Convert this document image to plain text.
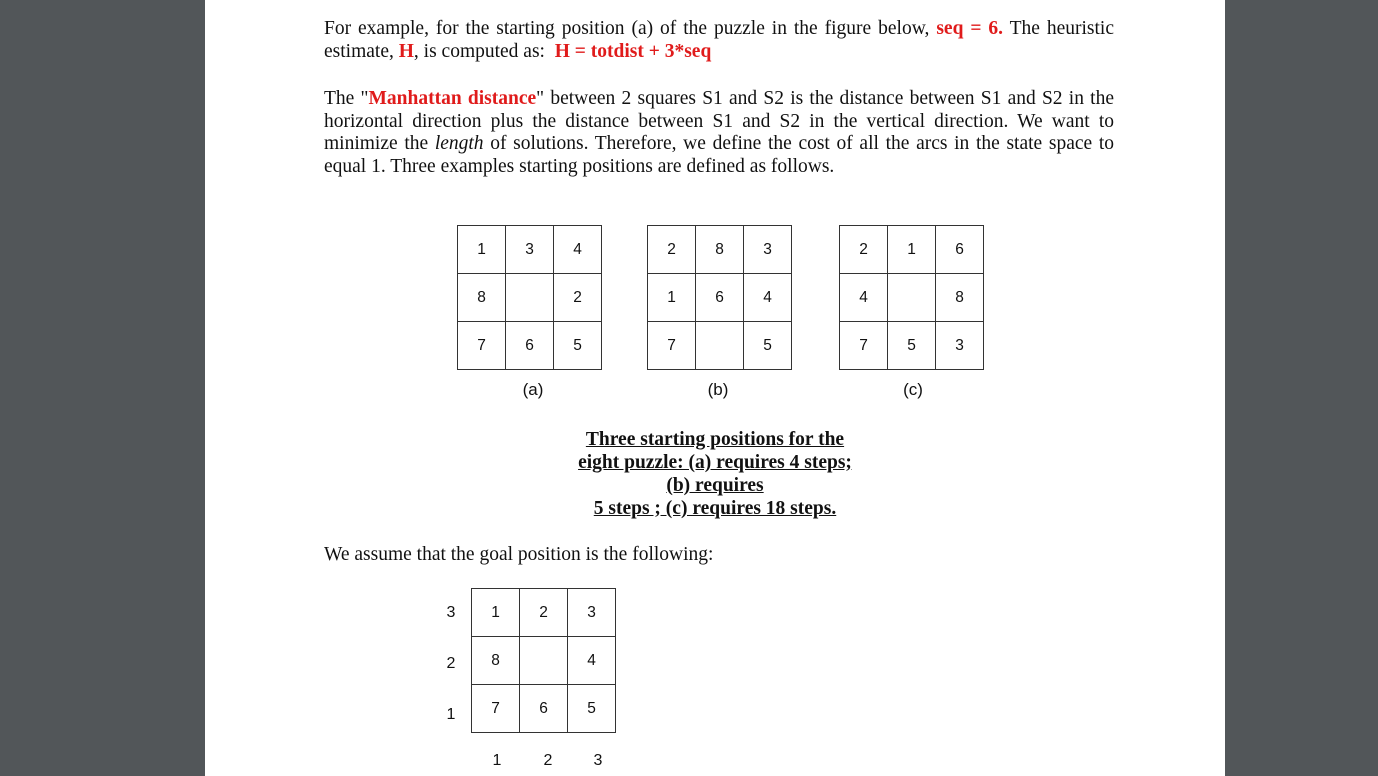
For example, for the starting position (a) of the puzzle in the figure below, seq = 6. The heuristic estimate, H, is computed as: H = totdist + 3*seq
The "Manhattan distance" between 2 squares S1 and S2 is the distance between S1 and S2 in the horizontal direction plus the distance between S1 and S2 in the vertical direction. We want to minimize the length of solutions. Therefore, we define the cost of all the arcs in the state space to equal 1. Three examples starting positions are defined as follows.
1	3	4
8		2
7	6	5
(a)
2	8	3
1	6	4
7		5
(b)
2	1	6
4		8
7	5	3
(c)
Three starting positions for the
eight puzzle: (a) requires 4 steps;
(b) requires
5 steps ; (c) requires 18 steps.
We assume that the goal position is the following:
3
2
1
1	2	3
8		4
7	6	5
1	2	3
